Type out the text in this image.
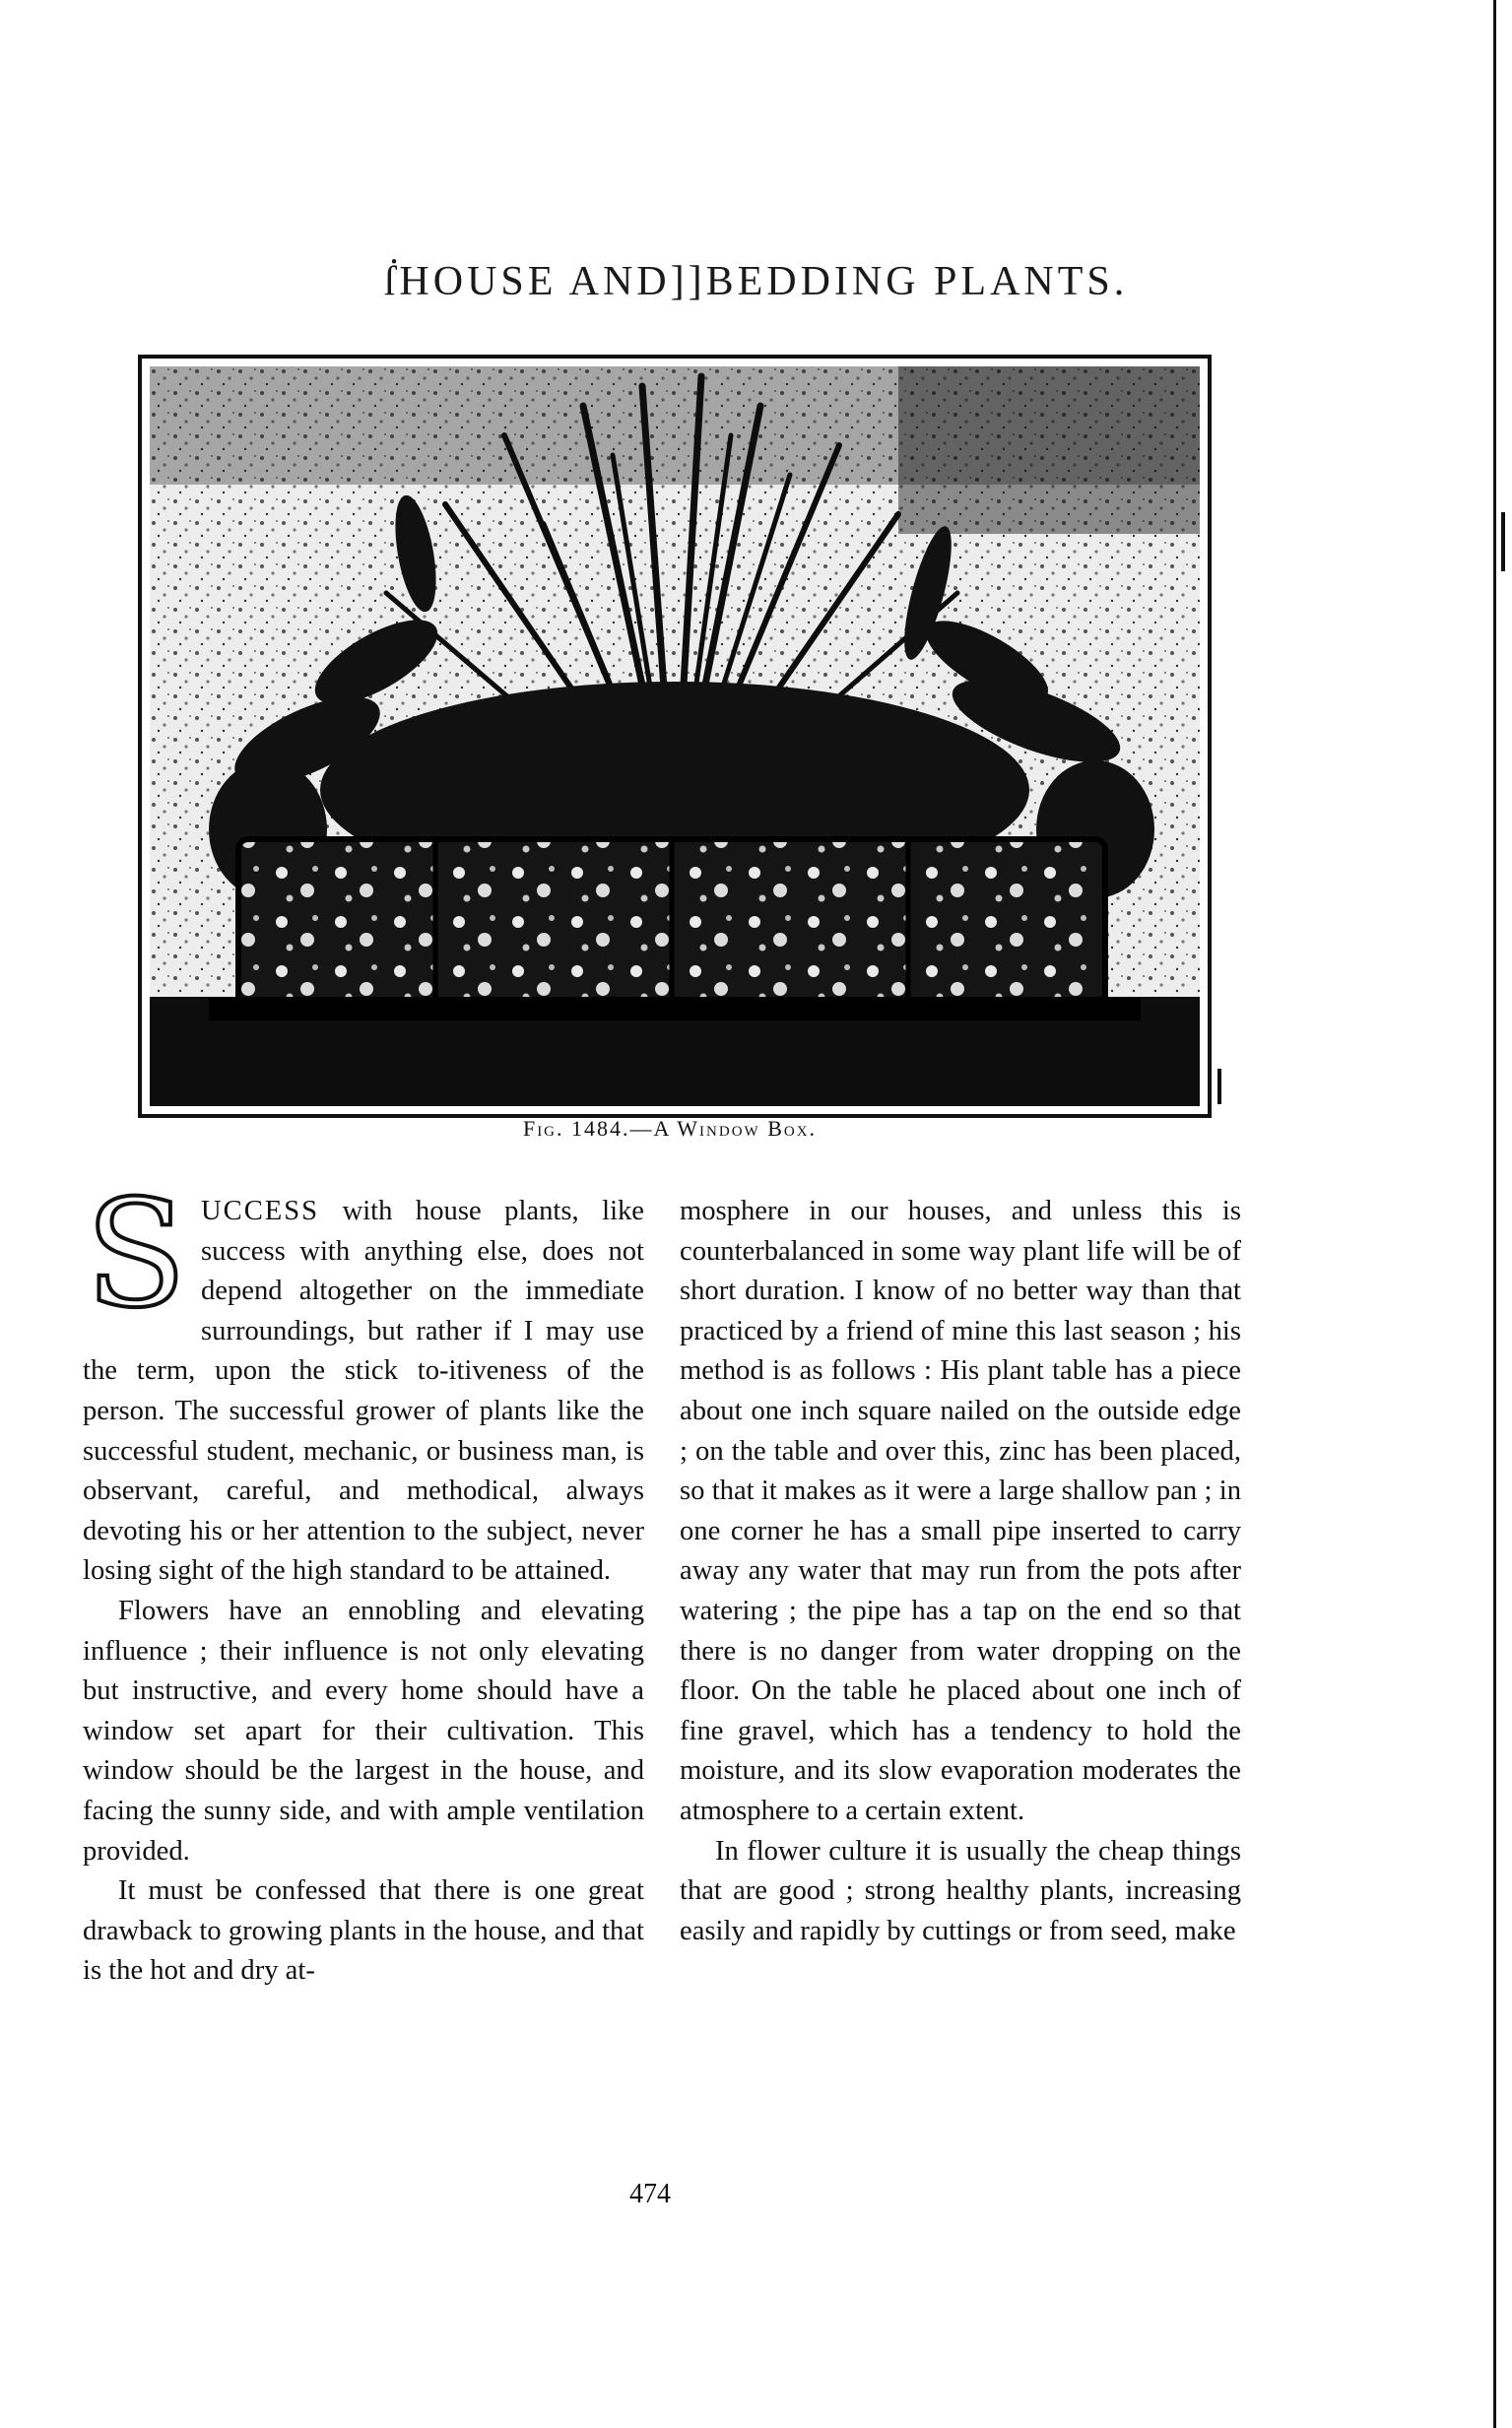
ẛHOUSE AND]]BEDDING PLANTS.
Fig. 1484.—A Window Box.

S UCCESS with house plants, like success with anything else, does not depend altogether on the immediate surroundings, but rather if I may use the term, upon the stick to-itiveness of the person. The successful grower of plants like the successful student, mechanic, or business man, is observant, careful, and methodical, always devoting his or her attention to the subject, never losing sight of the high standard to be attained.

Flowers have an ennobling and elevating influence ; their influence is not only elevating but instructive, and every home should have a window set apart for their cultivation. This window should be the largest in the house, and facing the sunny side, and with ample ventilation provided.

It must be confessed that there is one great drawback to growing plants in the house, and that is the hot and dry at-

mosphere in our houses, and unless this is counterbalanced in some way plant life will be of short duration. I know of no better way than that practiced by a friend of mine this last season ; his method is as follows : His plant table has a piece about one inch square nailed on the outside edge ; on the table and over this, zinc has been placed, so that it makes as it were a large shallow pan ; in one corner he has a small pipe inserted to carry away any water that may run from the pots after watering ; the pipe has a tap on the end so that there is no danger from water dropping on the floor. On the table he placed about one inch of fine gravel, which has a tendency to hold the moisture, and its slow evaporation moderates the atmosphere to a certain extent.

In flower culture it is usually the cheap things that are good ; strong healthy plants, increasing easily and rapidly by cuttings or from seed, make

474
